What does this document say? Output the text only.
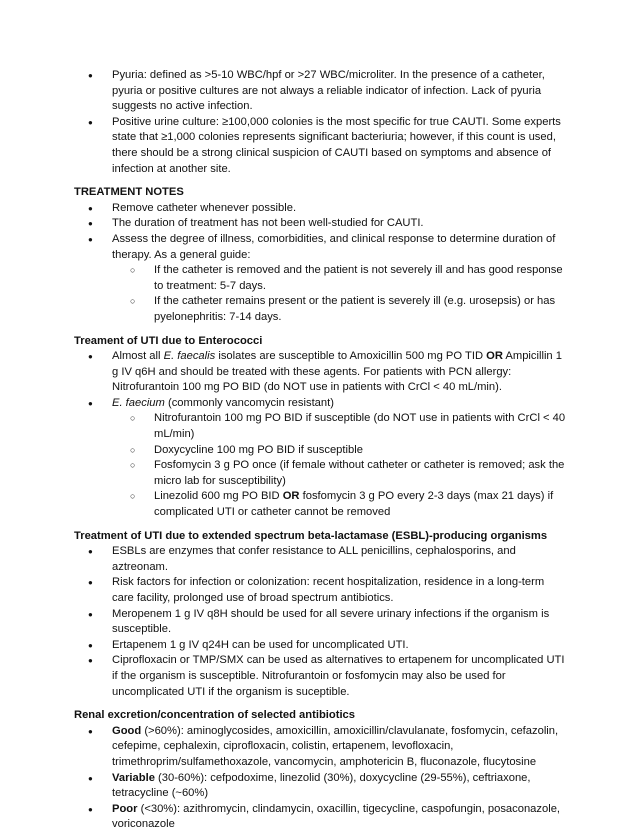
● Pyuria: defined as >5-10 WBC/hpf or >27 WBC/microliter. In the presence of a catheter, pyuria or positive cultures are not always a reliable indicator of infection. Lack of pyuria suggests no active infection.
● Positive urine culture: ≥100,000 colonies is the most specific for true CAUTI. Some experts state that ≥1,000 colonies represents significant bacteriuria; however, if this count is used, there should be a strong clinical suspicion of CAUTI based on symptoms and absence of infection at another site.

TREATMENT NOTES

● Remove catheter whenever possible.
● The duration of treatment has not been well-studied for CAUTI.
● Assess the degree of illness, comorbidities, and clinical response to determine duration of therapy. As a general guide:
○ If the catheter is removed and the patient is not severely ill and has good response to treatment: 5-7 days.
○ If the catheter remains present or the patient is severely ill (e.g. urosepsis) or has pyelonephritis: 7-14 days.

Treament of UTI due to Enterococci

● Almost all E. faecalis isolates are susceptible to Amoxicillin 500 mg PO TID OR Ampicillin 1 g IV q6H and should be treated with these agents. For patients with PCN allergy: Nitrofurantoin 100 mg PO BID (do NOT use in patients with CrCl < 40 mL/min).
● E. faecium (commonly vancomycin resistant)
○ Nitrofurantoin 100 mg PO BID if susceptible (do NOT use in patients with CrCl < 40 mL/min)
○ Doxycycline 100 mg PO BID if susceptible
○ Fosfomycin 3 g PO once (if female without catheter or catheter is removed; ask the micro lab for susceptibility)
○ Linezolid 600 mg PO BID OR fosfomycin 3 g PO every 2-3 days (max 21 days) if complicated UTI or catheter cannot be removed

Treatment of UTI due to extended spectrum beta-lactamase (ESBL)-producing organisms

● ESBLs are enzymes that confer resistance to ALL penicillins, cephalosporins, and aztreonam.
● Risk factors for infection or colonization: recent hospitalization, residence in a long-term care facility, prolonged use of broad spectrum antibiotics.
● Meropenem 1 g IV q8H should be used for all severe urinary infections if the organism is susceptible.
● Ertapenem 1 g IV q24H can be used for uncomplicated UTI.
● Ciprofloxacin or TMP/SMX can be used as alternatives to ertapenem for uncomplicated UTI if the organism is susceptible. Nitrofurantoin or fosfomycin may also be used for uncomplicated UTI if the organism is suceptible.

Renal excretion/concentration of selected antibiotics

● Good (>60%): aminoglycosides, amoxicillin, amoxicillin/clavulanate, fosfomycin, cefazolin, cefepime, cephalexin, ciprofloxacin, colistin, ertapenem, levofloxacin, trimethroprim/sulfamethoxazole, vancomycin, amphotericin B, fluconazole, flucytosine
● Variable (30-60%): cefpodoxime, linezolid (30%), doxycycline (29-55%), ceftriaxone, tetracycline (~60%)
● Poor (<30%): azithromycin, clindamycin, oxacillin, tigecycline, caspofungin, posaconazole, voriconazole
